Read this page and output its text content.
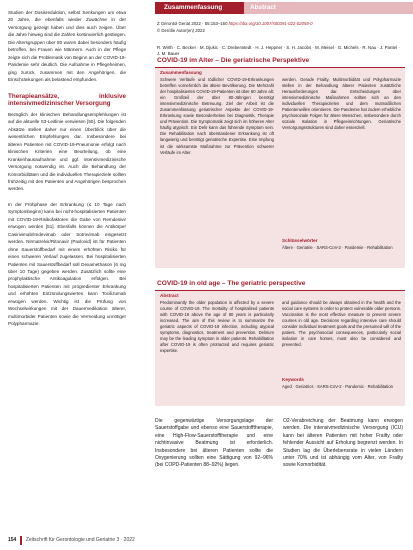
Studien der Dosisreduktion, selbst Senkungen um etwa 20 Jahre, die ebenfalls wieder Zuwächse in der Versorgung gezeigt haben und dies auch zeigen. Über die Jahre hinweg sind die Zahlen kontinuierlich gestiegen. Die Altersgruppen über 80 waren dabei besonders häufig betroffen, bei Frauen wie Männern. Auch in der Pflege zeigte sich die Problematik von Beginn an der COVID-19-Pandemie sehr deutlich. Die Aufnahme in Pflegeheimen, ging zurück, zusammen mit den Angehörigen, die Einschränkungen als belastend empfunden.

Therapieansätze, inklusive intensivmedizinischer Versorgung

Bezüglich der klinischen Behandlungsempfehlungen ist auf die aktuelle S3-Leitlinie verwiesen [50]. Die folgenden Absätze stellen daher nur einen Überblick über die wesentlichen Empfehlungen dar. Insbesondere bei älteren Patienten mit COVID-19-Pneumonie erfolgt nach klinischen Kriterien eine Beurteilung, ob eine Krankenhausaufnahme und ggf. intensivmedizinische Versorgung notwendig ist. Auch die Behandlung der Komorbiditäten und die individuellen Therapieziele sollten frühzeitig mit den Patienten und Angehörigen besprochen werden.

In der Frühphase der Erkrankung (≤ 10 Tage nach Symptombeginn) kann bei nicht-hospitalisierten Patienten mit COVID-19-Risikofaktoren die Gabe von Remdesivir erwogen werden [51]. Ebenfalls können die Antikörper Casirivimab/Imdevimab oder Sotrovimab eingesetzt werden. Nirmatrelvir/Ritonavir (Paxlovid) ist für Patienten ohne Sauerstoffbedarf mit einem erhöhten Risiko für einen schweren Verlauf zugelassen. Bei hospitalisierten Patienten mit Sauerstoffbedarf soll Dexamethason (6 mg über 10 Tage) gegeben werden. Zusätzlich sollte eine prophylaktische Antikoagulation erfolgen. Bei hospitalisierten Patienten mit progredienter Erkrankung und erhöhten Entzündungswerten kann Tocilizumab erwogen werden. Wichtig ist die Prüfung von Wechselwirkungen mit der Dauermedikation älterer, multimorbider Patienten sowie die Vermeidung unnötiger Polypharmazie.

Zusammenfassung	Abstract
Z Gerontol Geriat 2022 · 55:153–160 https://doi.org/10.1007/s00391-022-02058-0
© Der/die Autor(en) 2022
R. Wirth · C. Becker · M. Djukic · C. Drebenstedt · H. J. Heppner · S. H. Jacobs · M. Meisel · G. Michels · R. Nau · J. Pantel · J. M. Bauer
COVID-19 im Alter – Die geriatrische Perspektive
Zusammenfassung
Schwere Verläufe und tödlicher COVID-19-Erkrankungen betreffen vornehmlich die ältere Bevölkerung. Die Mehrzahl der hospitalisierten COVID-19-Patienten ist über 60 Jahre alt; ein Großteil der über 80-Jährigen benötigt intensivmedizinische Betreuung. Ziel der Arbeit ist die Zusammenfassung geriatrischer Aspekte der COVID-19-Erkrankung sowie Besonderheiten bei Diagnostik, Therapie und Prävention. Die Symptomatik zeigt sich im höheren Alter häufig atypisch. Ein Delir kann das führende Symptom sein. Die Rehabilitation nach überstandener Erkrankung ist oft langwierig und benötigt geriatrische Expertise. Eine Impfung ist die wirksamste Maßnahme zur Prävention schwerer Verläufe im Alter.
werden. Gerade Frailty, Multimorbidität und Polypharmazie stellen in der Behandlung älterer Patienten zusätzliche Herausforderungen dar. Entscheidungen über intensivmedizinische Maßnahmen sollten sich an den individuellen Therapiezielen und dem mutmaßlichen Patientenwillen orientieren. Die Pandemie hat zudem erhebliche psychosoziale Folgen für ältere Menschen, insbesondere durch soziale Isolation in Pflegeeinrichtungen. Geriatrische Versorgungsstrukturen sind daher essenziell.
Schlüsselwörter
Ältere · Geriatrie · SARS-CoV-2 · Pandemie · Rehabilitation
COVID-19 in old age – The geriatric perspective
Abstract
Predominantly the older population is affected by a severe course of COVID-19. The mortality of hospitalized patients with COVID-19 above the age of 80 years is particularly increased. The aim of this review is to summarize the geriatric aspects of COVID-19 infection, including atypical symptoms, diagnostics, treatment and prevention. Delirium may be the leading symptom in older patients. Rehabilitation after COVID-19 is often protracted and requires geriatric expertise.
and guidance should be always obtained in the health and the social care systems in order to protect vulnerable older persons. Vaccination is the most effective measure to prevent severe courses in old age. Decisions regarding intensive care should consider individual treatment goals and the presumed will of the patient. The psychosocial consequences, particularly social isolation in care homes, must also be considered and prevented.
Keywords
Aged · Geriatrics · SARS-CoV-2 · Pandemic · Rehabilitation
Die gegenwärtige Versorgungslage der Sauerstoffgabe und ebenso eine Sauerstofftherapie, eine High-Flow-Sauerstofftherapie und eine nichtinvasive Beatmung ist erforderlich. Insbesondere bei älteren Patienten sollte die Oxygenierung sollten eine Sättigung von 92–96% (bei COPD-Patienten 88–92%) liegen.
O2-Verabreichung der Beatmung kann erwogen werden. Die intensivmedizinische Versorgung (ICU) kann bei älteren Patienten mit hoher Frailty oder fehlender Aussicht auf Erholung begrenzt werden. In Studien lag die Überlebensrate in vielen Ländern unter 70% und ist abhängig vom Alter, von Frailty sowie Komorbidität.
154 Zeitschrift für Gerontologie und Geriatrie 3 · 2022
